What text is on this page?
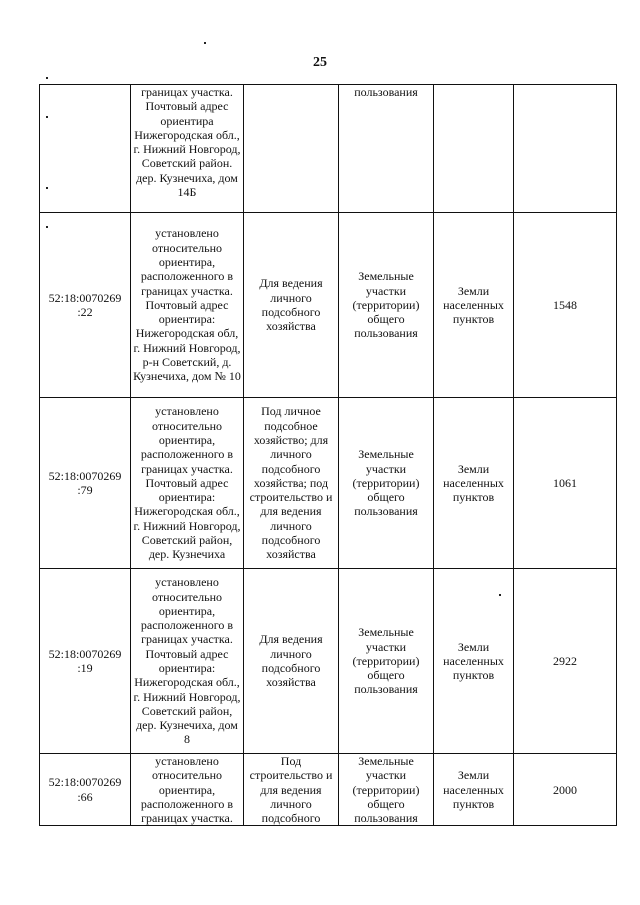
25
	границах участка. Почтовый адрес ориентира Нижегородская обл., г. Нижний Новгород, Советский район. дер. Кузнечиха, дом 14Б		пользования		
52:18:0070269 :22	установлено относительно ориентира, расположенного в границах участка. Почтовый адрес ориентира: Нижегородская обл, г. Нижний Новгород, р-н Советский, д. Кузнечиха, дом № 10	Для ведения личного подсобного хозяйства	Земельные участки (территории) общего пользования	Земли населенных пунктов	1548
52:18:0070269 :79	установлено относительно ориентира, расположенного в границах участка. Почтовый адрес ориентира: Нижегородская обл., г. Нижний Новгород, Советский район, дер. Кузнечиха	Под личное подсобное хозяйство; для личного подсобного хозяйства; под строительство и для ведения личного подсобного хозяйства	Земельные участки (территории) общего пользования	Земли населенных пунктов	1061
52:18:0070269 :19	установлено относительно ориентира, расположенного в границах участка. Почтовый адрес ориентира: Нижегородская обл., г. Нижний Новгород, Советский район, дер. Кузнечиха, дом 8	Для ведения личного подсобного хозяйства	Земельные участки (территории) общего пользования	Земли населенных пунктов	2922
52:18:0070269 :66	установлено относительно ориентира, расположенного в границах участка.	Под строительство и для ведения личного подсобного	Земельные участки (территории) общего пользования	Земли населенных пунктов	2000
